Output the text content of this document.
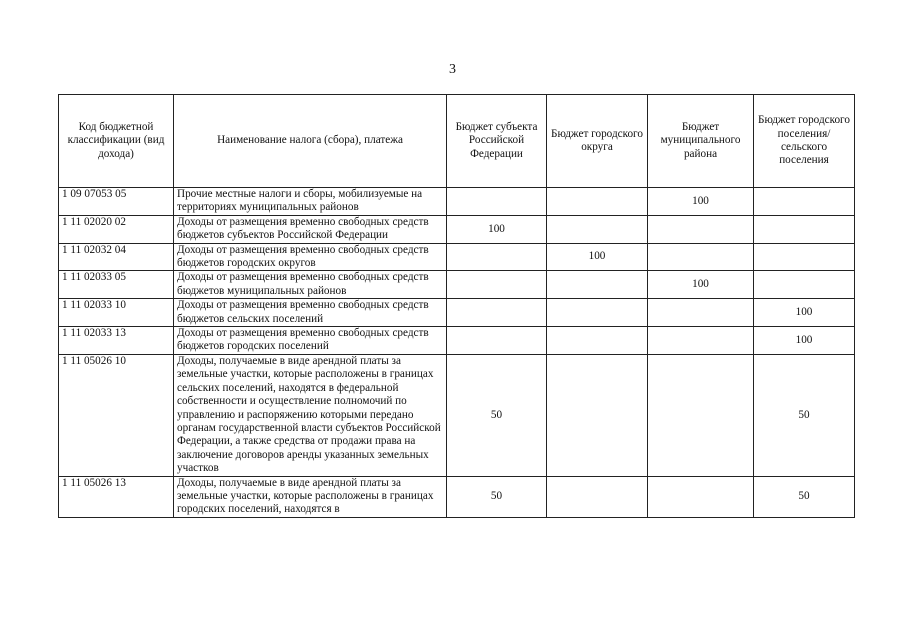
3
Код бюджетной классификации (вид дохода)	Наименование налога (сбора), платежа	Бюджет субъекта Российской Федерации	Бюджет городского округа	Бюджет муниципального района	Бюджет городского поселения/ сельского поселения
1 09 07053 05	Прочие местные налоги и сборы, мобилизуемые на территориях муниципальных районов			100	
1 11 02020 02	Доходы от размещения временно свободных средств бюджетов субъектов Российской Федерации	100			
1 11 02032 04	Доходы от размещения временно свободных средств бюджетов городских округов		100		
1 11 02033 05	Доходы от размещения временно свободных средств бюджетов муниципальных районов			100	
1 11 02033 10	Доходы от размещения временно свободных средств бюджетов сельских поселений				100
1 11 02033 13	Доходы от размещения временно свободных средств бюджетов городских поселений				100
1 11 05026 10	Доходы, получаемые в виде арендной платы за земельные участки, которые расположены в границах сельских поселений, находятся в федеральной собственности и осуществление полномочий по управлению и распоряжению которыми передано органам государственной власти субъектов Российской Федерации, а также средства от продажи права на заключение договоров аренды указанных земельных участков	50			50
1 11 05026 13	Доходы, получаемые в виде арендной платы за земельные участки, которые расположены в границах городских поселений, находятся в	50			50
